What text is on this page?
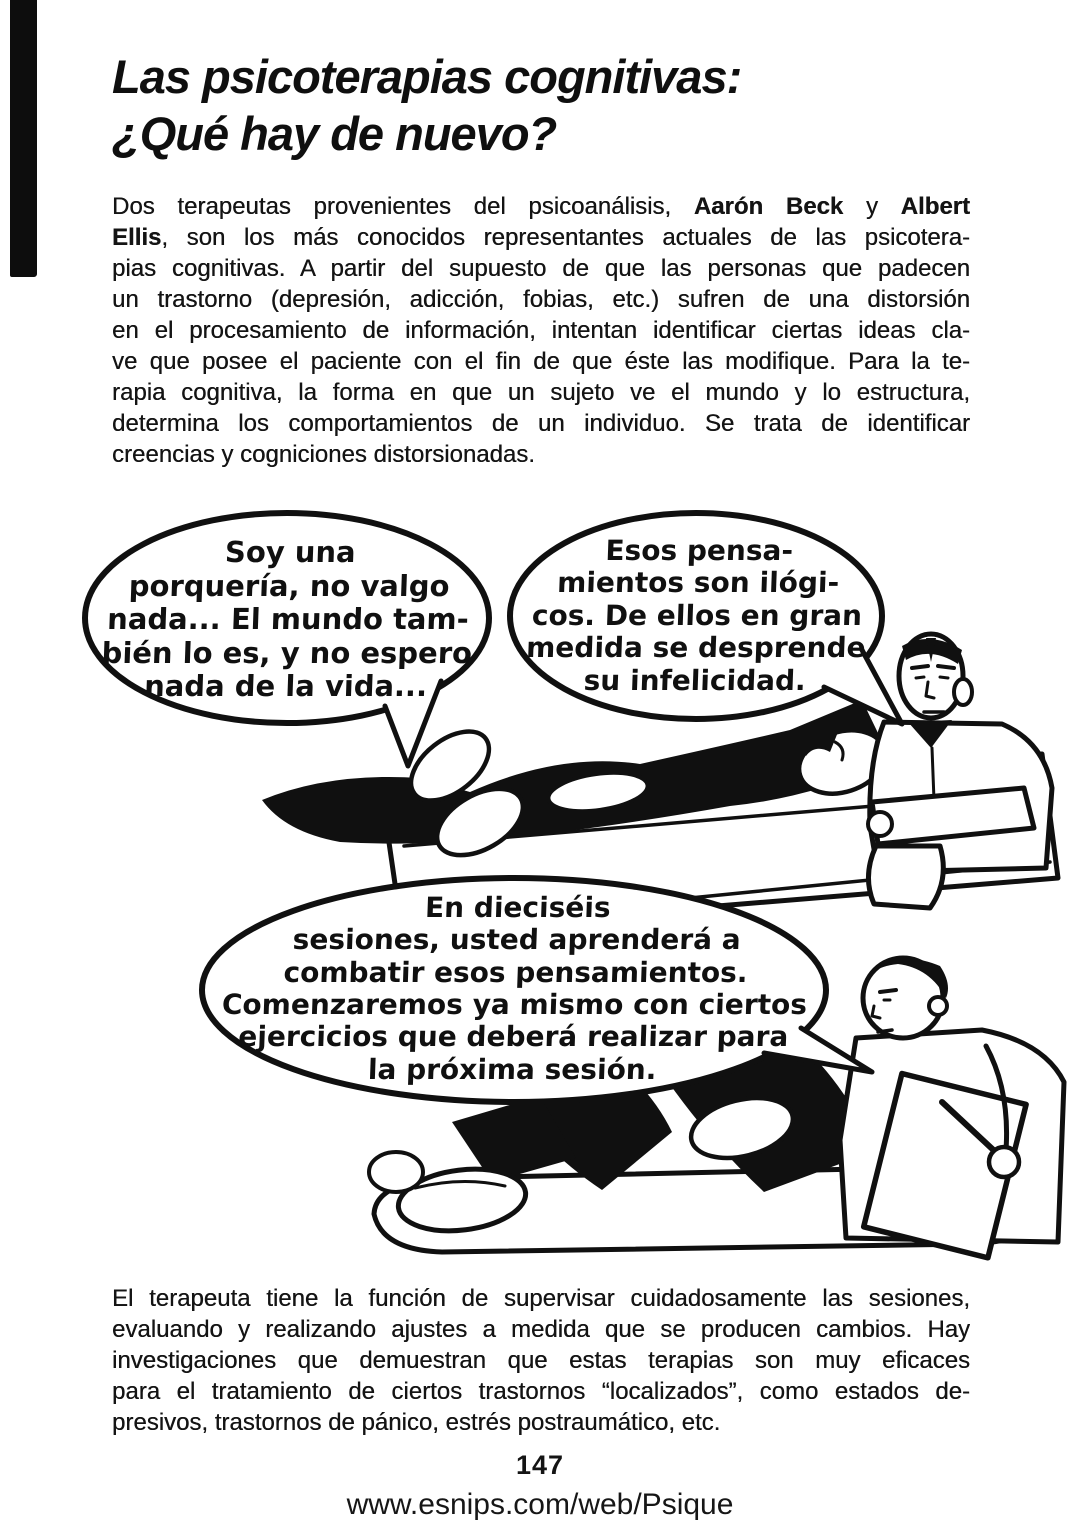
Las psicoterapias cognitivas:
¿Qué hay de nuevo?
Dos terapeutas provenientes del psicoanálisis, Aarón Beck y Albert
Ellis, son los más conocidos representantes actuales de las psicotera-
pias cognitivas. A partir del supuesto de que las personas que padecen
un trastorno (depresión, adicción, fobias, etc.) sufren de una distorsión
en el procesamiento de información, intentan identificar ciertas ideas cla-
ve que posee el paciente con el fin de que éste las modifique. Para la te-
rapia cognitiva, la forma en que un sujeto ve el mundo y lo estructura,
determina los comportamientos de un individuo. Se trata de identificar
creencias y cogniciones distorsionadas.
Soy una
porquería, no valgo
nada... El mundo tam-
bién lo es, y no espero
nada de la vida...
Esos pensa-
mientos son ilógi-
cos. De ellos en gran
medida se desprende
su infelicidad.
En dieciséis
sesiones, usted aprenderá a
combatir esos pensamientos.
Comenzaremos ya mismo con ciertos
ejercicios que deberá realizar para
la próxima sesión.
El terapeuta tiene la función de supervisar cuidadosamente las sesiones,
evaluando y realizando ajustes a medida que se producen cambios. Hay
investigaciones que demuestran que estas terapias son muy eficaces
para el tratamiento de ciertos trastornos “localizados”, como estados de-
presivos, trastornos de pánico, estrés postraumático, etc.
147
www.esnips.com/web/Psique
